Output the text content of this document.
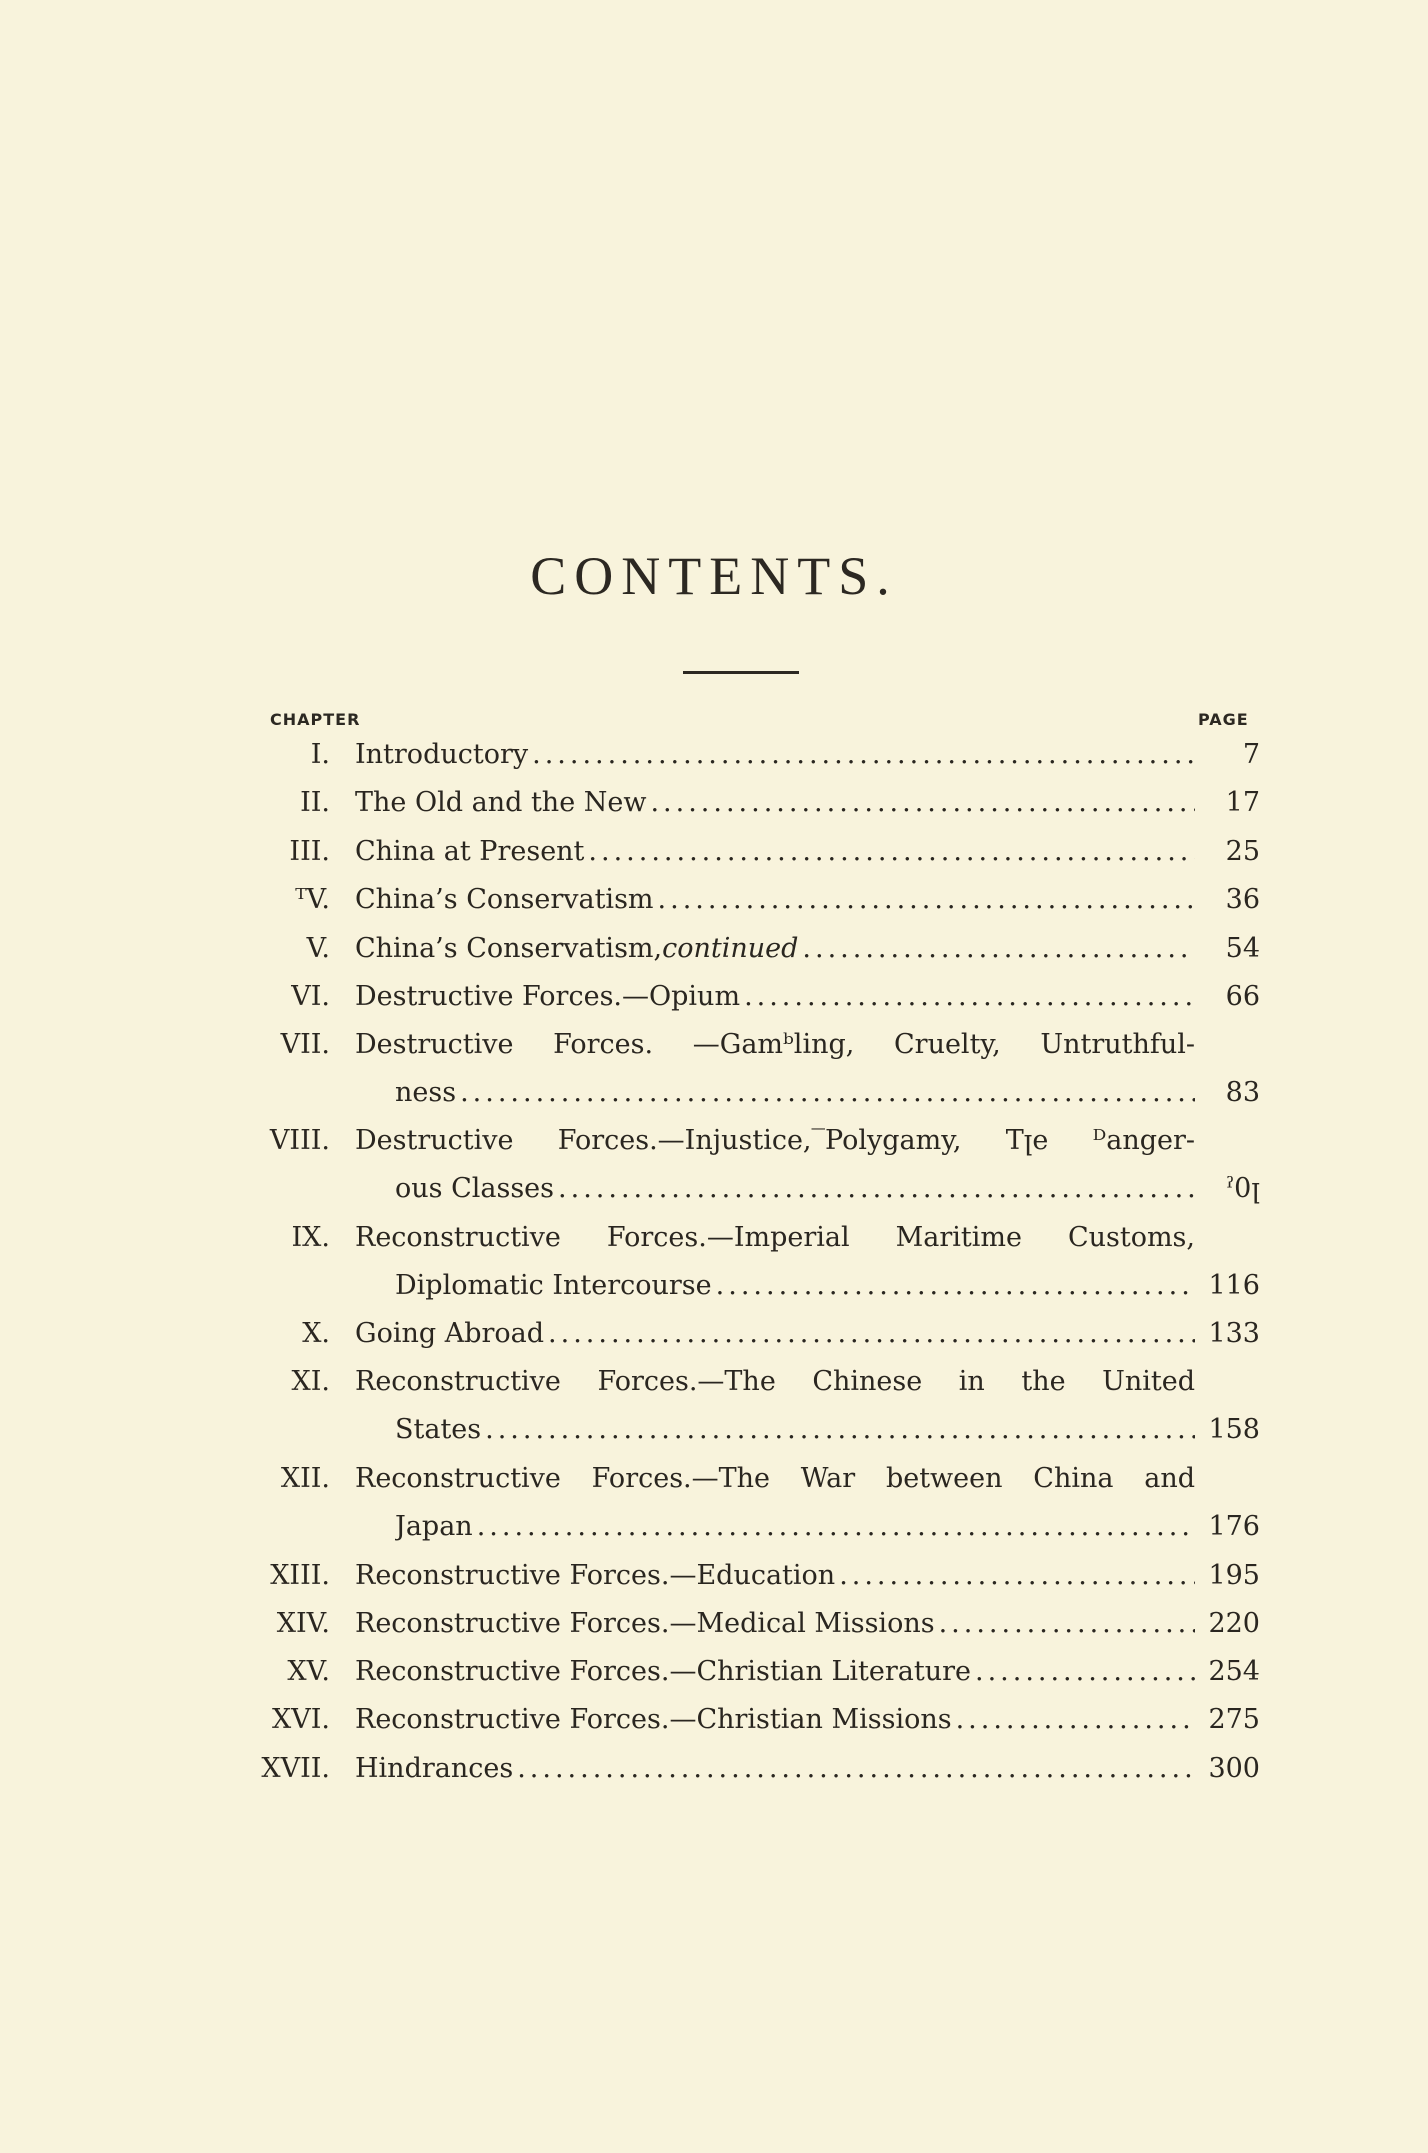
CONTENTS.
CHAPTER	PAGE
I. Introductory .....	7
II. The Old and the New .....	17
III. China at Present .....	25
ᵀV. China’s Conservatism .....	36
V. China’s Conservatism, continued .....	54
VI. Destructive Forces.—Opium .....	66
VII. Destructive Forces. —Gamᵇling, Cruelty, Untruthful-
ness .....	83
VIII. Destructive Forces.—Injustice,‾Polygamy, Tꞁe ᴰanger-
ous Classes .....	ˀ0ꞁ
IX. Reconstructive Forces.—Imperial Maritime Customs,
Diplomatic Intercourse .....	116
X. Going Abroad .....	133
XI. Reconstructive Forces.—The Chinese in the United
States .....	158
XII. Reconstructive Forces.—The War between China and
Japan .....	176
XIII. Reconstructive Forces.—Education .....	195
XIV. Reconstructive Forces.—Medical Missions .....	220
XV. Reconstructive Forces.—Christian Literature .....	254
XVI. Reconstructive Forces.—Christian Missions .....	275
XVII. Hindrances .....	300
